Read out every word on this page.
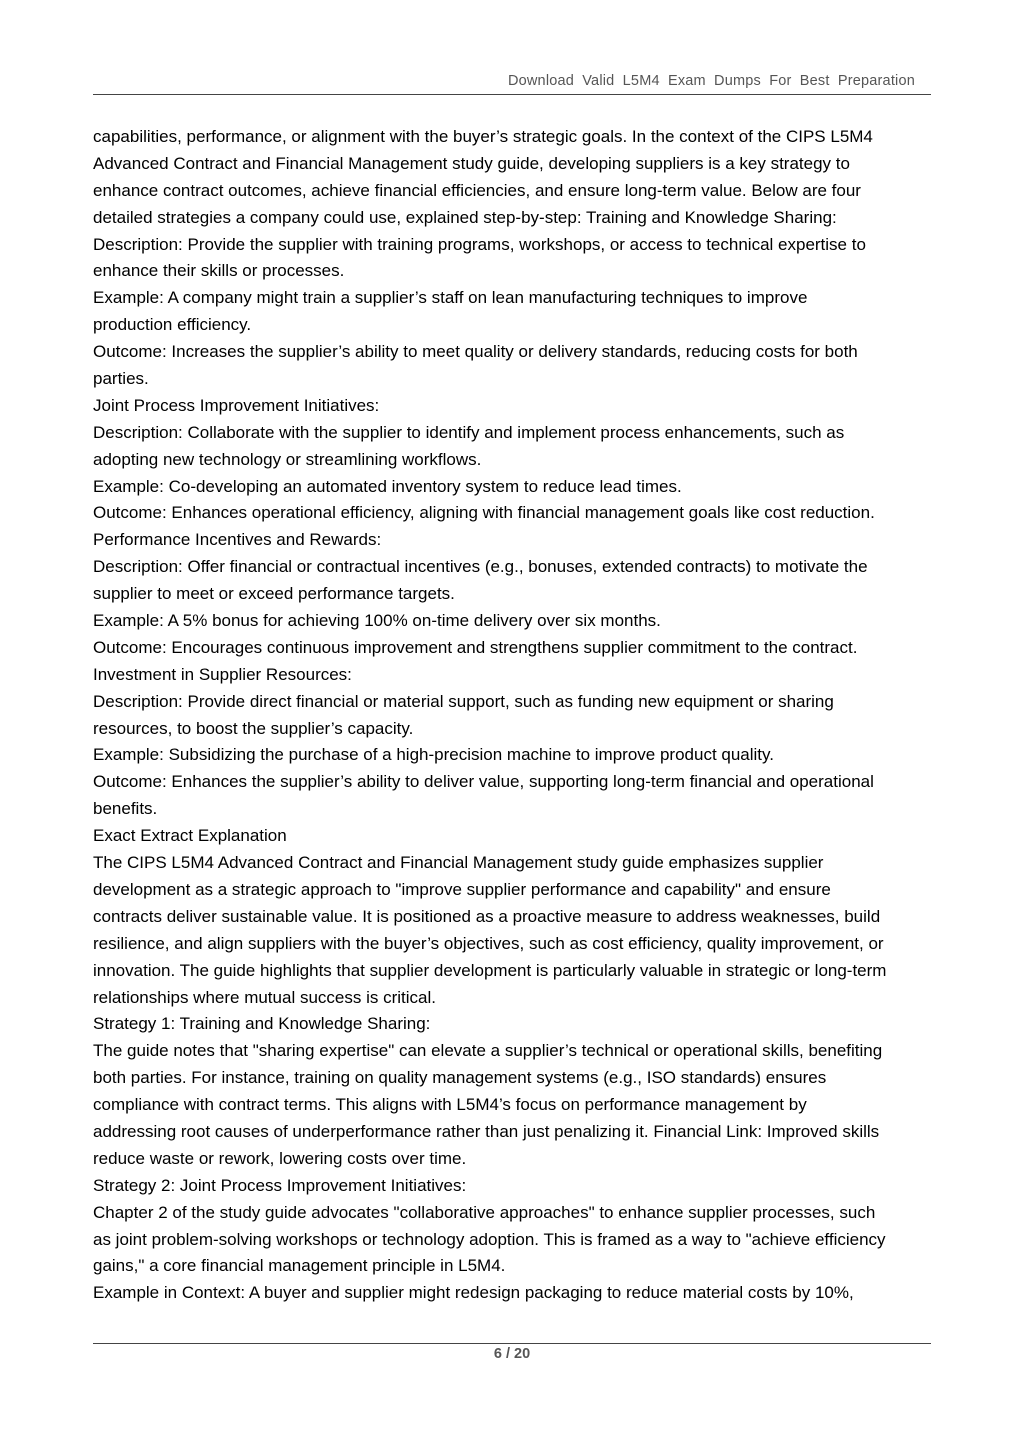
Download Valid L5M4 Exam Dumps For Best Preparation
capabilities, performance, or alignment with the buyer’s strategic goals. In the context of the CIPS L5M4
Advanced Contract and Financial Management study guide, developing suppliers is a key strategy to
enhance contract outcomes, achieve financial efficiencies, and ensure long-term value. Below are four
detailed strategies a company could use, explained step-by-step: Training and Knowledge Sharing:
Description: Provide the supplier with training programs, workshops, or access to technical expertise to
enhance their skills or processes.
Example: A company might train a supplier’s staff on lean manufacturing techniques to improve
production efficiency.
Outcome: Increases the supplier’s ability to meet quality or delivery standards, reducing costs for both
parties.
Joint Process Improvement Initiatives:
Description: Collaborate with the supplier to identify and implement process enhancements, such as
adopting new technology or streamlining workflows.
Example: Co-developing an automated inventory system to reduce lead times.
Outcome: Enhances operational efficiency, aligning with financial management goals like cost reduction.
Performance Incentives and Rewards:
Description: Offer financial or contractual incentives (e.g., bonuses, extended contracts) to motivate the
supplier to meet or exceed performance targets.
Example: A 5% bonus for achieving 100% on-time delivery over six months.
Outcome: Encourages continuous improvement and strengthens supplier commitment to the contract.
Investment in Supplier Resources:
Description: Provide direct financial or material support, such as funding new equipment or sharing
resources, to boost the supplier’s capacity.
Example: Subsidizing the purchase of a high-precision machine to improve product quality.
Outcome: Enhances the supplier’s ability to deliver value, supporting long-term financial and operational
benefits.
Exact Extract Explanation
The CIPS L5M4 Advanced Contract and Financial Management study guide emphasizes supplier
development as a strategic approach to "improve supplier performance and capability" and ensure
contracts deliver sustainable value. It is positioned as a proactive measure to address weaknesses, build
resilience, and align suppliers with the buyer’s objectives, such as cost efficiency, quality improvement, or
innovation. The guide highlights that supplier development is particularly valuable in strategic or long-term
relationships where mutual success is critical.
Strategy 1: Training and Knowledge Sharing:
The guide notes that "sharing expertise" can elevate a supplier’s technical or operational skills, benefiting
both parties. For instance, training on quality management systems (e.g., ISO standards) ensures
compliance with contract terms. This aligns with L5M4’s focus on performance management by
addressing root causes of underperformance rather than just penalizing it. Financial Link: Improved skills
reduce waste or rework, lowering costs over time.
Strategy 2: Joint Process Improvement Initiatives:
Chapter 2 of the study guide advocates "collaborative approaches" to enhance supplier processes, such
as joint problem-solving workshops or technology adoption. This is framed as a way to "achieve efficiency
gains," a core financial management principle in L5M4.
Example in Context: A buyer and supplier might redesign packaging to reduce material costs by 10%,
6 / 20
